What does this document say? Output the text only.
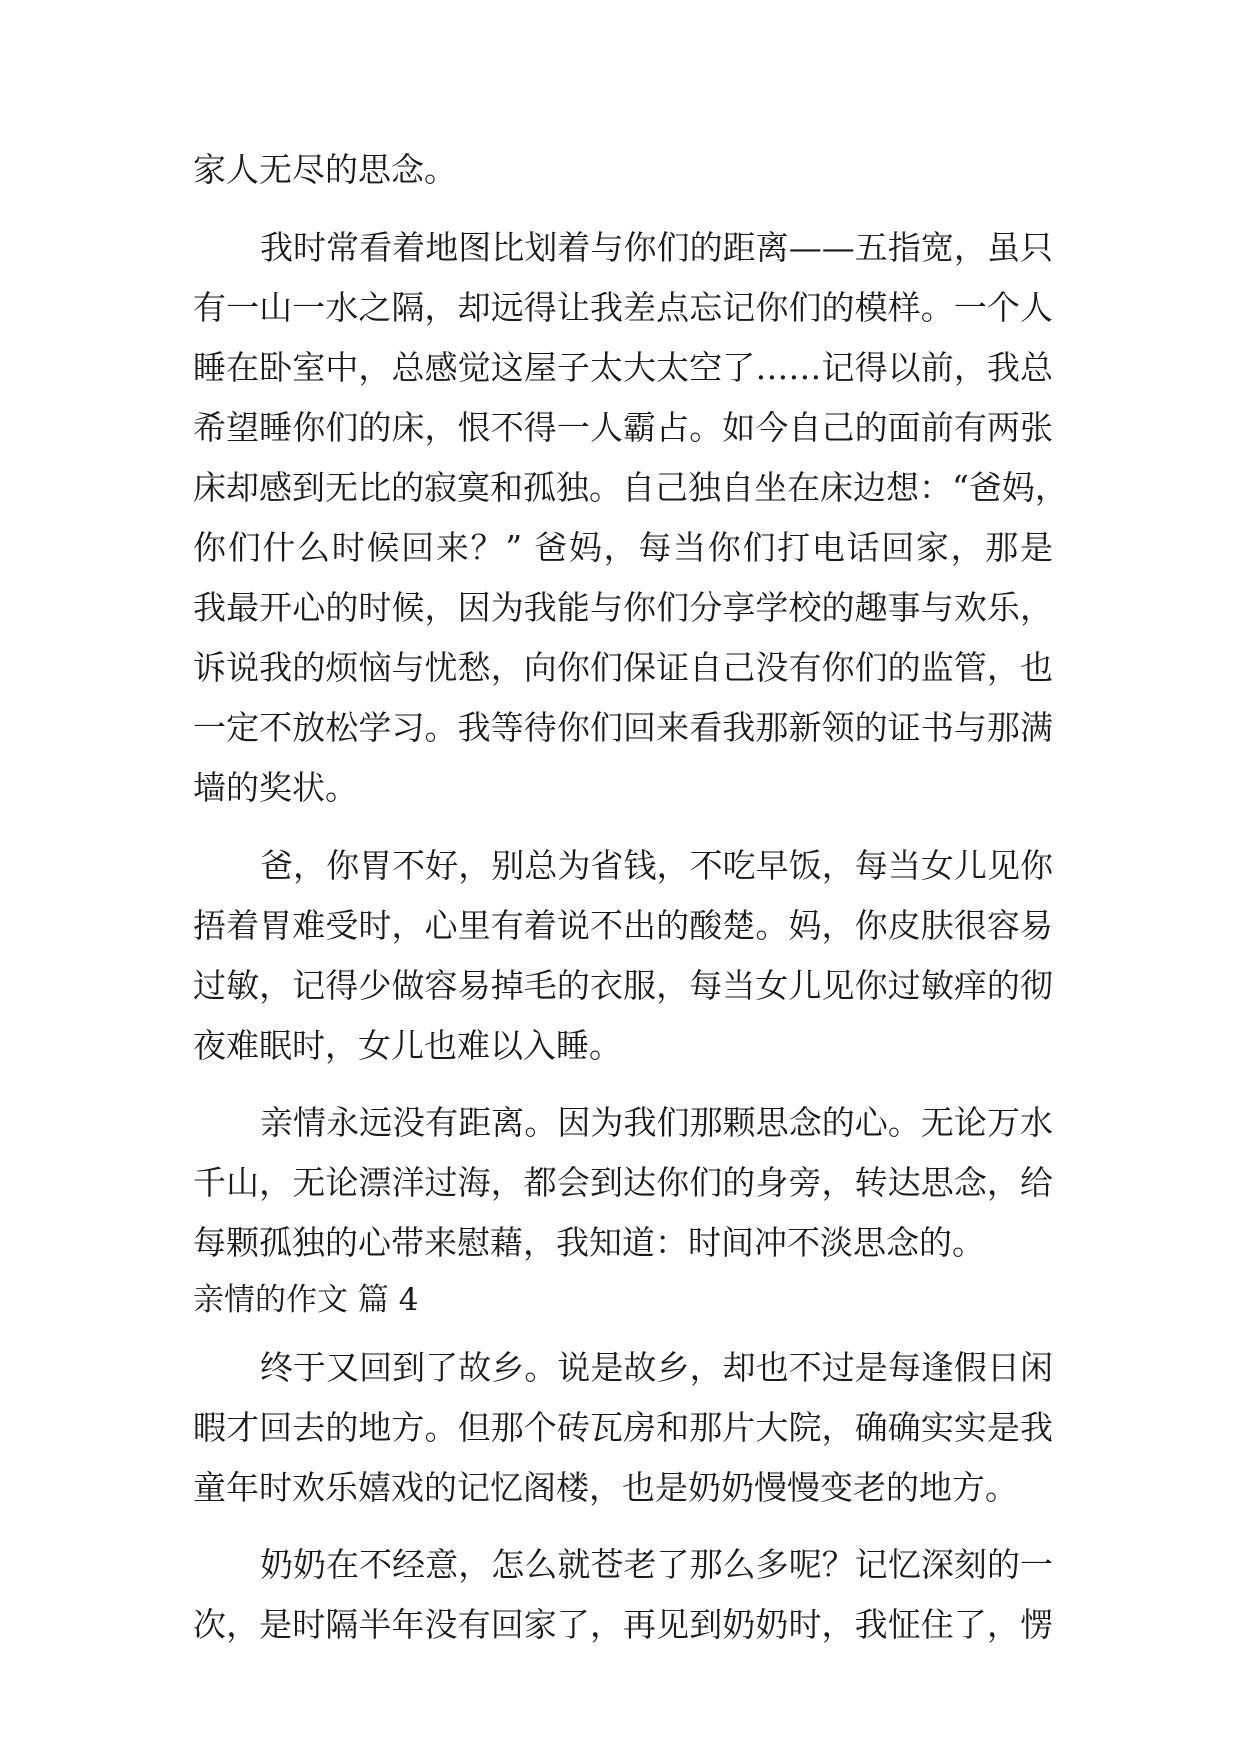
家人无尽的思念。
我时常看着地图比划着与你们的距离——五指宽，虽只
有一山一水之隔，却远得让我差点忘记你们的模样。一个人
睡在卧室中，总感觉这屋子太大太空了……记得以前，我总
希望睡你们的床，恨不得一人霸占。如今自己的面前有两张
床却感到无比的寂寞和孤独。自己独自坐在床边想：“爸妈，
你们什么时候回来？” 爸妈，每当你们打电话回家，那是
我最开心的时候，因为我能与你们分享学校的趣事与欢乐，
诉说我的烦恼与忧愁，向你们保证自己没有你们的监管，也
一定不放松学习。我等待你们回来看我那新领的证书与那满
墙的奖状。
爸，你胃不好，别总为省钱，不吃早饭，每当女儿见你
捂着胃难受时，心里有着说不出的酸楚。妈，你皮肤很容易
过敏，记得少做容易掉毛的衣服，每当女儿见你过敏痒的彻
夜难眠时，女儿也难以入睡。
亲情永远没有距离。因为我们那颗思念的心。无论万水
千山，无论漂洋过海，都会到达你们的身旁，转达思念，给
每颗孤独的心带来慰藉，我知道：时间冲不淡思念的。
亲情的作文 篇 4
终于又回到了故乡。说是故乡，却也不过是每逢假日闲
暇才回去的地方。但那个砖瓦房和那片大院，确确实实是我
童年时欢乐嬉戏的记忆阁楼，也是奶奶慢慢变老的地方。
奶奶在不经意，怎么就苍老了那么多呢？记忆深刻的一
次，是时隔半年没有回家了，再见到奶奶时，我怔住了，愣
